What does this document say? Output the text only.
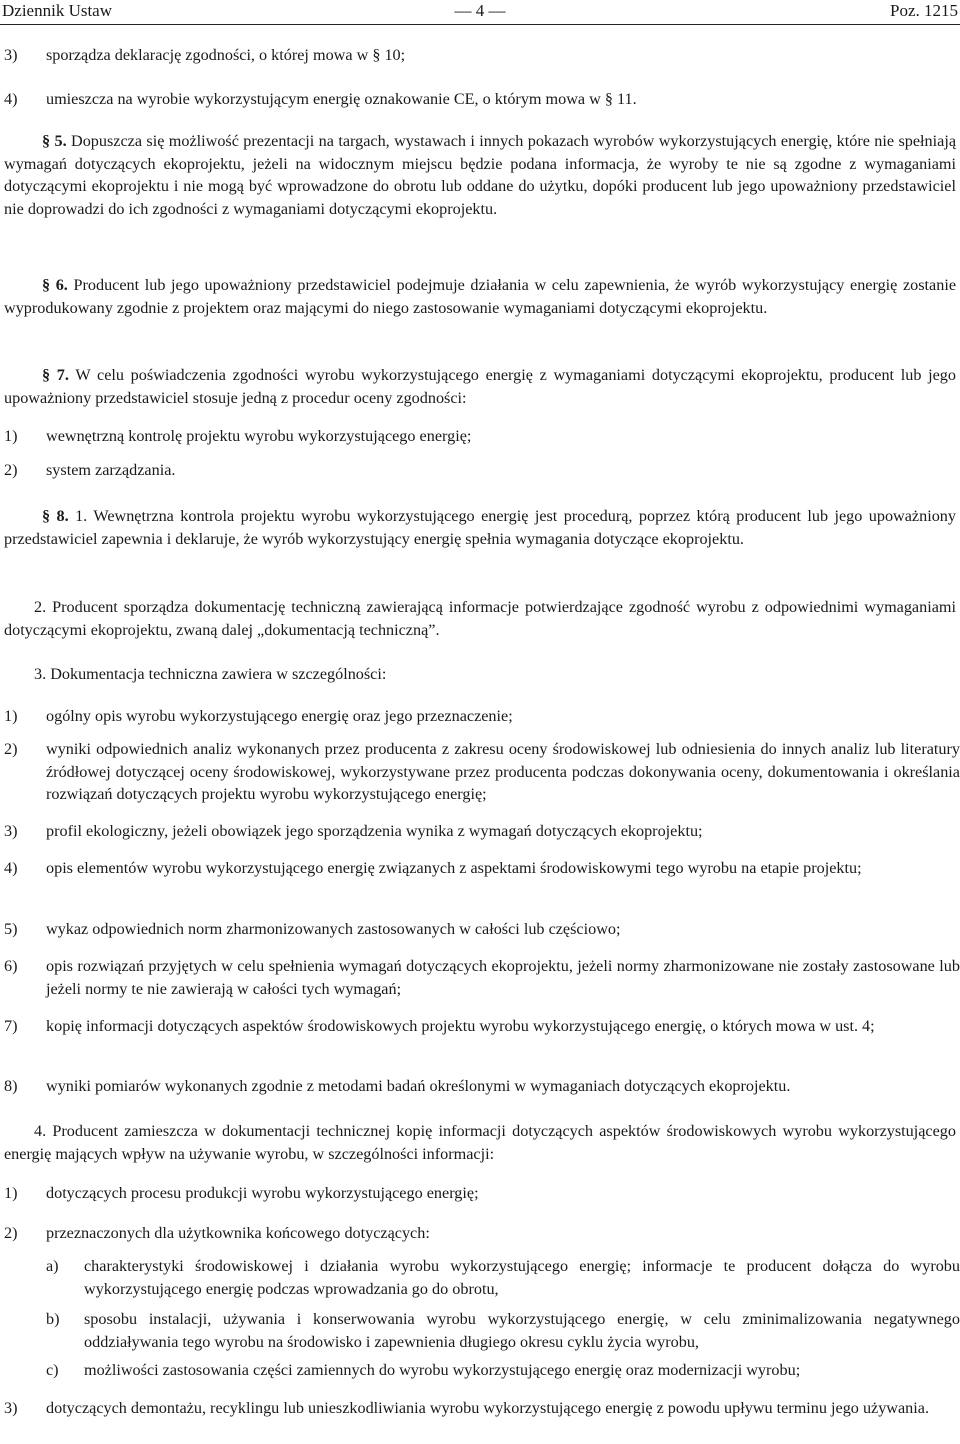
Dziennik Ustaw	— 4 —	Poz. 1215
3) sporządza deklarację zgodności, o której mowa w § 10;
4) umieszcza na wyrobie wykorzystującym energię oznakowanie CE, o którym mowa w § 11.
§ 5. Dopuszcza się możliwość prezentacji na targach, wystawach i innych pokazach wyrobów wykorzystujących energię, które nie spełniają wymagań dotyczących ekoprojektu, jeżeli na widocznym miejscu będzie podana informacja, że wyroby te nie są zgodne z wymaganiami dotyczącymi ekoprojektu i nie mogą być wprowadzone do obrotu lub oddane do użytku, dopóki producent lub jego upoważniony przedstawiciel nie doprowadzi do ich zgodności z wymaganiami dotyczącymi ekoprojektu.
§ 6. Producent lub jego upoważniony przedstawiciel podejmuje działania w celu zapewnienia, że wyrób wykorzystujący energię zostanie wyprodukowany zgodnie z projektem oraz mającymi do niego zastosowanie wymaganiami dotyczącymi ekoprojektu.
§ 7. W celu poświadczenia zgodności wyrobu wykorzystującego energię z wymaganiami dotyczącymi ekoprojektu, producent lub jego upoważniony przedstawiciel stosuje jedną z procedur oceny zgodności:
1) wewnętrzną kontrolę projektu wyrobu wykorzystującego energię;
2) system zarządzania.
§ 8. 1. Wewnętrzna kontrola projektu wyrobu wykorzystującego energię jest procedurą, poprzez którą producent lub jego upoważniony przedstawiciel zapewnia i deklaruje, że wyrób wykorzystujący energię spełnia wymagania dotyczące ekoprojektu.
2. Producent sporządza dokumentację techniczną zawierającą informacje potwierdzające zgodność wyrobu z odpowiednimi wymaganiami dotyczącymi ekoprojektu, zwaną dalej „dokumentacją techniczną”.
3. Dokumentacja techniczna zawiera w szczególności:
1) ogólny opis wyrobu wykorzystującego energię oraz jego przeznaczenie;
2) wyniki odpowiednich analiz wykonanych przez producenta z zakresu oceny środowiskowej lub odniesienia do innych analiz lub literatury źródłowej dotyczącej oceny środowiskowej, wykorzystywane przez producenta podczas dokonywania oceny, dokumentowania i określania rozwiązań dotyczących projektu wyrobu wykorzystującego energię;
3) profil ekologiczny, jeżeli obowiązek jego sporządzenia wynika z wymagań dotyczących ekoprojektu;
4) opis elementów wyrobu wykorzystującego energię związanych z aspektami środowiskowymi tego wyrobu na etapie projektu;
5) wykaz odpowiednich norm zharmonizowanych zastosowanych w całości lub częściowo;
6) opis rozwiązań przyjętych w celu spełnienia wymagań dotyczących ekoprojektu, jeżeli normy zharmonizowane nie zostały zastosowane lub jeżeli normy te nie zawierają w całości tych wymagań;
7) kopię informacji dotyczących aspektów środowiskowych projektu wyrobu wykorzystującego energię, o których mowa w ust. 4;
8) wyniki pomiarów wykonanych zgodnie z metodami badań określonymi w wymaganiach dotyczących ekoprojektu.
4. Producent zamieszcza w dokumentacji technicznej kopię informacji dotyczących aspektów środowiskowych wyrobu wykorzystującego energię mających wpływ na używanie wyrobu, w szczególności informacji:
1) dotyczących procesu produkcji wyrobu wykorzystującego energię;
2) przeznaczonych dla użytkownika końcowego dotyczących:
a) charakterystyki środowiskowej i działania wyrobu wykorzystującego energię; informacje te producent dołącza do wyrobu wykorzystującego energię podczas wprowadzania go do obrotu,
b) sposobu instalacji, używania i konserwowania wyrobu wykorzystującego energię, w celu zminimalizowania negatywnego oddziaływania tego wyrobu na środowisko i zapewnienia długiego okresu cyklu życia wyrobu,
c) możliwości zastosowania części zamiennych do wyrobu wykorzystującego energię oraz modernizacji wyrobu;
3) dotyczących demontażu, recyklingu lub unieszkodliwiania wyrobu wykorzystującego energię z powodu upływu terminu jego używania.
